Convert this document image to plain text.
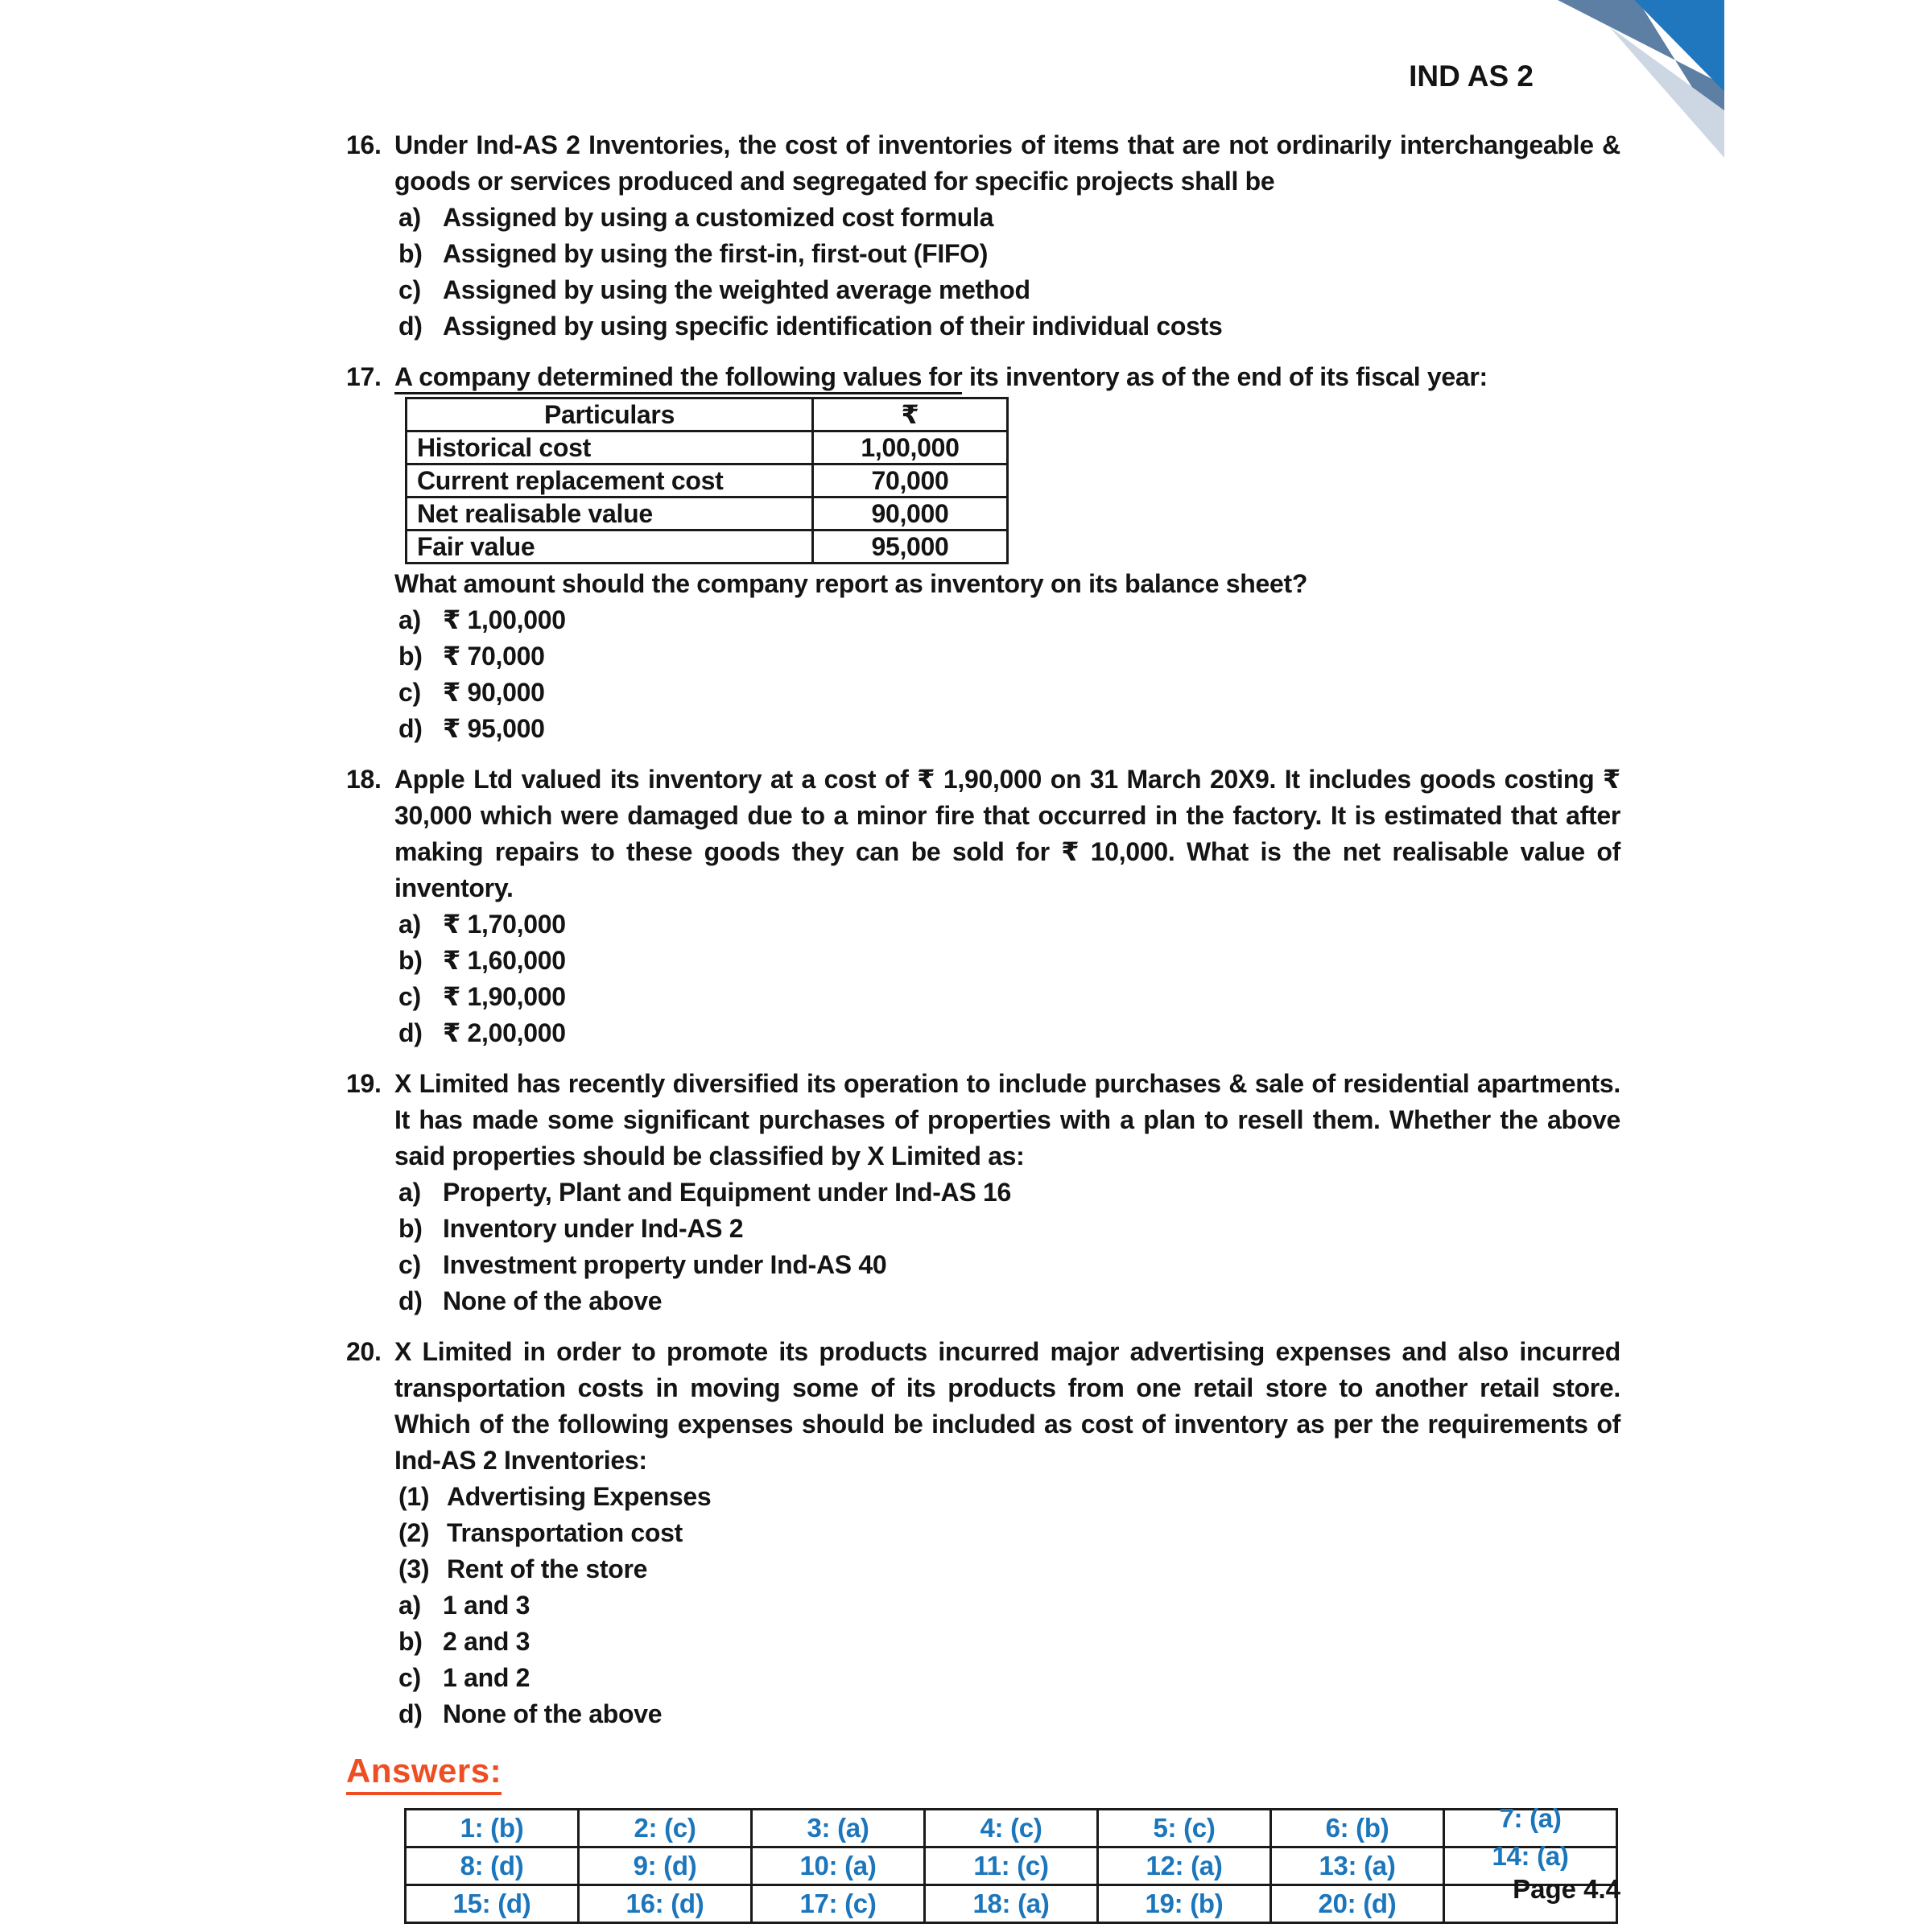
IND AS 2
16. Under Ind-AS 2 Inventories, the cost of inventories of items that are not ordinarily interchangeable & goods or services produced and segregated for specific projects shall be
a) Assigned by using a customized cost formula
b) Assigned by using the first-in, first-out (FIFO)
c) Assigned by using the weighted average method
d) Assigned by using specific identification of their individual costs
17. A company determined the following values for its inventory as of the end of its fiscal year:
Particulars	₹
Historical cost	1,00,000
Current replacement cost	70,000
Net realisable value	90,000
Fair value	95,000
What amount should the company report as inventory on its balance sheet?
a) ₹ 1,00,000
b) ₹ 70,000
c) ₹ 90,000
d) ₹ 95,000
18. Apple Ltd valued its inventory at a cost of ₹ 1,90,000 on 31 March 20X9. It includes goods costing ₹ 30,000 which were damaged due to a minor fire that occurred in the factory. It is estimated that after making repairs to these goods they can be sold for ₹ 10,000. What is the net realisable value of inventory.
a) ₹ 1,70,000
b) ₹ 1,60,000
c) ₹ 1,90,000
d) ₹ 2,00,000
19. X Limited has recently diversified its operation to include purchases & sale of residential apartments. It has made some significant purchases of properties with a plan to resell them. Whether the above said properties should be classified by X Limited as:
a) Property, Plant and Equipment under Ind-AS 16
b) Inventory under Ind-AS 2
c) Investment property under Ind-AS 40
d) None of the above
20. X Limited in order to promote its products incurred major advertising expenses and also incurred transportation costs in moving some of its products from one retail store to another retail store. Which of the following expenses should be included as cost of inventory as per the requirements of Ind-AS 2 Inventories:
(1) Advertising Expenses
(2) Transportation cost
(3) Rent of the store
a) 1 and 3
b) 2 and 3
c) 1 and 2
d) None of the above
Answers:
1: (b)	2: (c)	3: (a)	4: (c)	5: (c)	6: (b)	7: (a)
8: (d)	9: (d)	10: (a)	11: (c)	12: (a)	13: (a)	14: (a)
15: (d)	16: (d)	17: (c)	18: (a)	19: (b)	20: (d)		Page 4.4
